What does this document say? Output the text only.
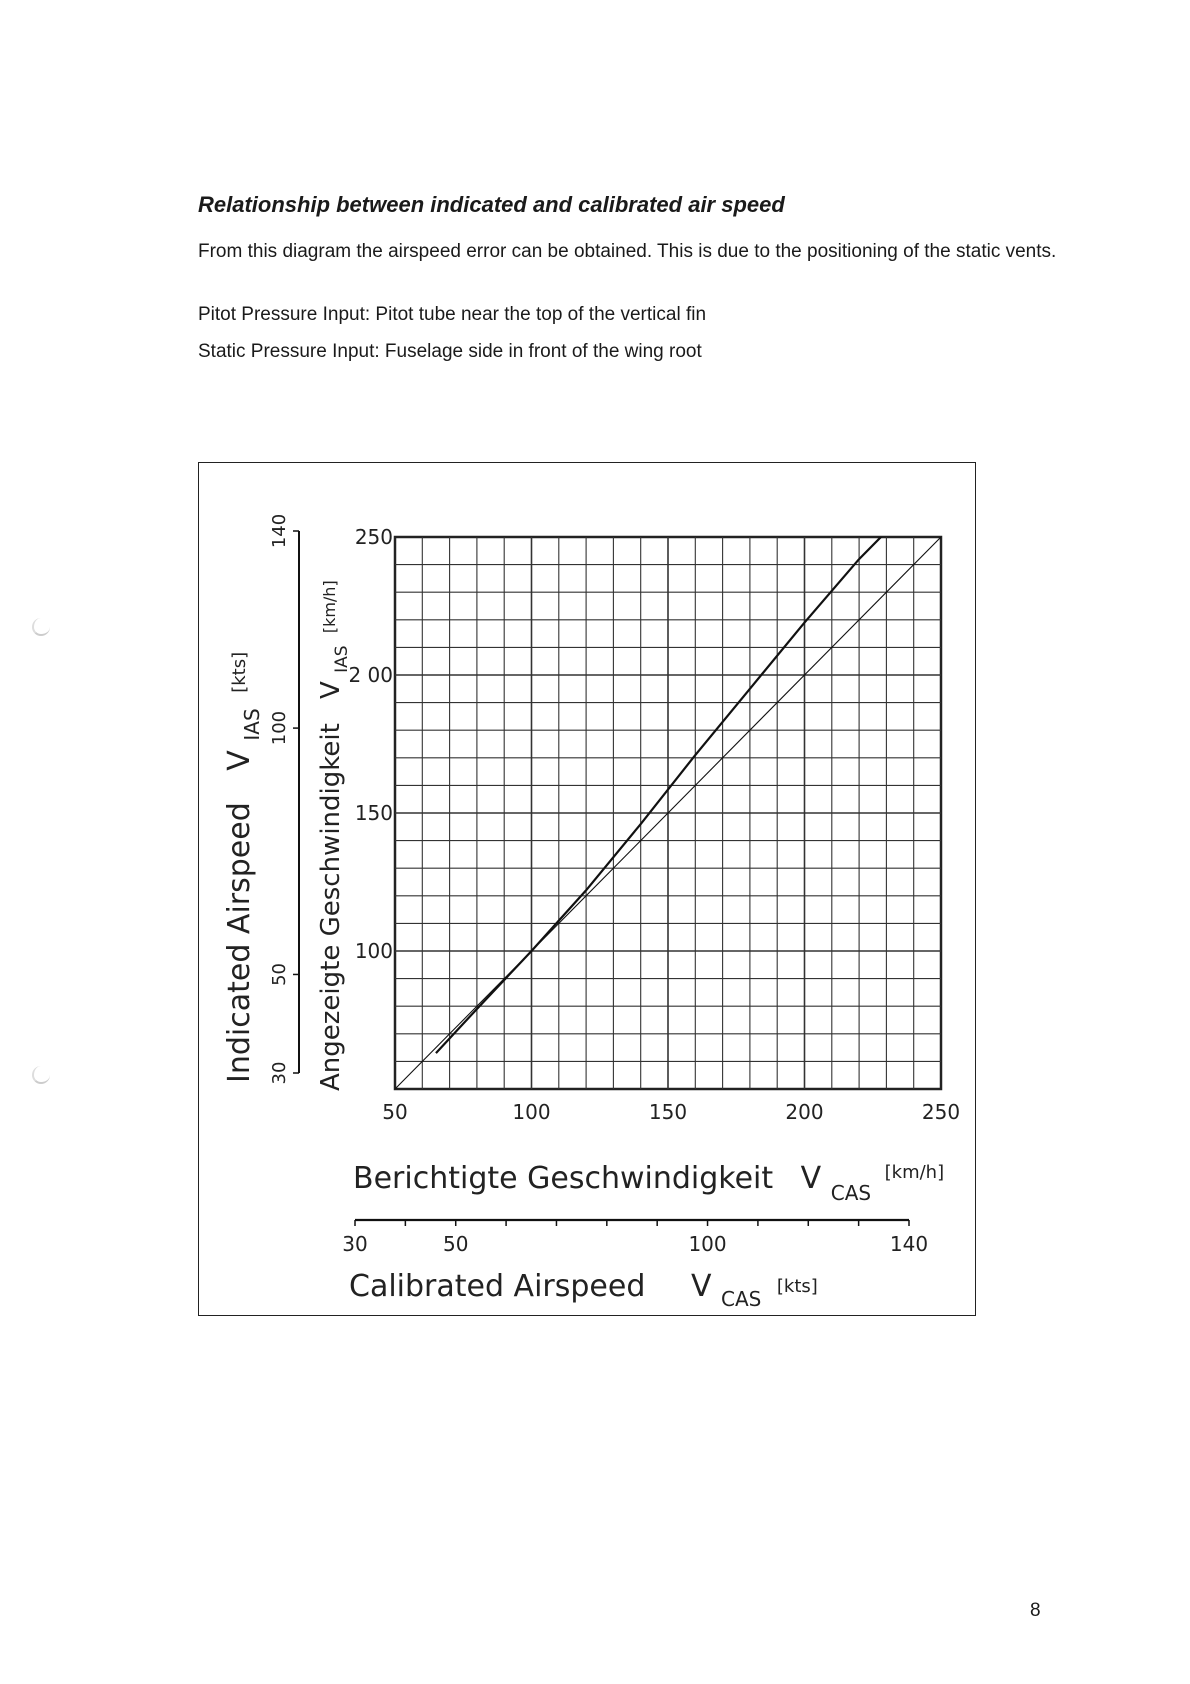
Relationship between indicated and calibrated air speed

From this diagram the airspeed error can be obtained. This is due to the positioning of the static vents.

Pitot Pressure Input: Pitot tube near the top of the vertical fin

Static Pressure Input: Fuselage side in front of the wing root

50	100	150	200	250
100
150
2 00
250
Berichtigte Geschwindigkeit V $_{CAS}$ [km/h]
30	50	100	140
Calibrated Airspeed V $_{CAS}$ [kts]
Indicated Airspeed V $_{IAS}$ [kts]
30
50
100
140
Angezeigte Geschwindigkeit V $_{IAS}$ [km/h]
8
